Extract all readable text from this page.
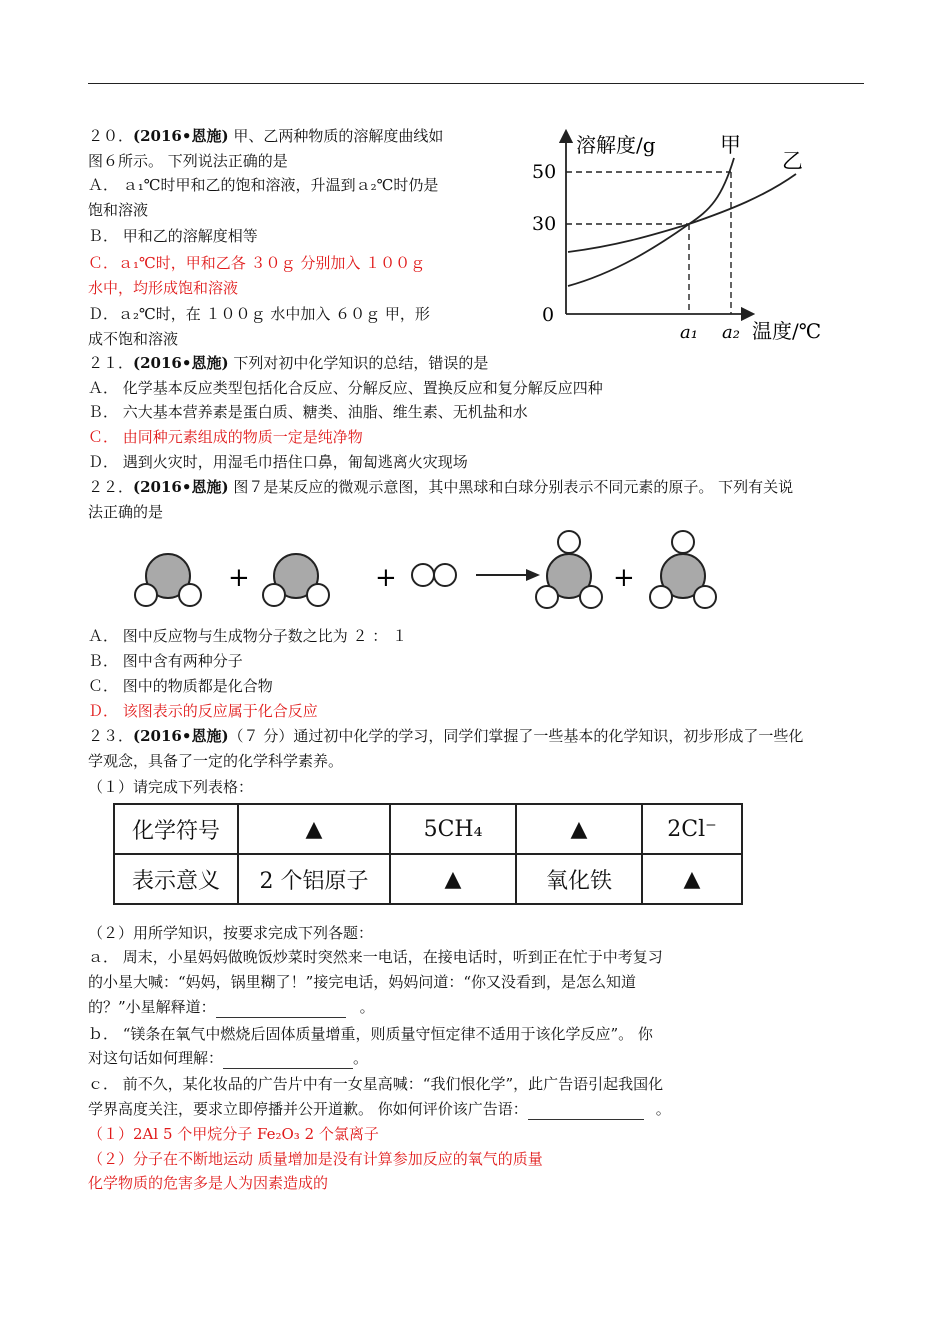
２０．(2016•恩施) 甲、乙两种物质的溶解度曲线如
图６所示。 下列说法正确的是
Ａ． ａ₁℃时甲和乙的饱和溶液，升温到ａ₂℃时仍是
饱和溶液
Ｂ． 甲和乙的溶解度相等
Ｃ．ａ₁℃时，甲和乙各 ３０ｇ 分别加入 １００ｇ
水中，均形成饱和溶液
Ｄ．ａ₂℃时，在 １００ｇ 水中加入 ６０ｇ 甲，形
成不饱和溶液
溶解度/g	甲
乙
50
30
0
a₁ a₂ 温度/℃
２１．(2016•恩施) 下列对初中化学知识的总结，错误的是
Ａ． 化学基本反应类型包括化合反应、分解反应、置换反应和复分解反应四种
Ｂ． 六大基本营养素是蛋白质、糖类、油脂、维生素、无机盐和水
Ｃ． 由同种元素组成的物质一定是纯净物
Ｄ． 遇到火灾时，用湿毛巾捂住口鼻，匍匐逃离火灾现场
２２．(2016•恩施) 图７是某反应的微观示意图，其中黑球和白球分别表示不同元素的原子。 下列有关说
法正确的是
+	+	+
Ａ． 图中反应物与生成物分子数之比为 ２ ： １
Ｂ． 图中含有两种分子
Ｃ． 图中的物质都是化合物
Ｄ． 该图表示的反应属于化合反应
２３．(2016•恩施)（７ 分）通过初中化学的学习，同学们掌握了一些基本的化学知识，初步形成了一些化
学观念，具备了一定的化学科学素养。
（１）请完成下列表格：
化学符号	▲	5CH₄	▲	2Cl⁻
表示意义	2 个铝原子	▲	氧化铁	▲
（２）用所学知识，按要求完成下列各题：
ａ． 周末，小星妈妈做晚饭炒菜时突然来一电话，在接电话时，听到正在忙于中考复习
的小星大喊：“妈妈，锅里糊了！”接完电话，妈妈问道：“你又没看到，是怎么知道
的？”小星解释道：	。
ｂ． “镁条在氧气中燃烧后固体质量增重，则质量守恒定律不适用于该化学反应”。 你
对这句话如何理解：	。
ｃ． 前不久，某化妆品的广告片中有一女星高喊：“我们恨化学”，此广告语引起我国化
学界高度关注，要求立即停播并公开道歉。 你如何评价该广告语：	。
（１）2Al 5 个甲烷分子 Fe₂O₃ 2 个氯离子
（２）分子在不断地运动 质量增加是没有计算参加反应的氧气的质量
化学物质的危害多是人为因素造成的
